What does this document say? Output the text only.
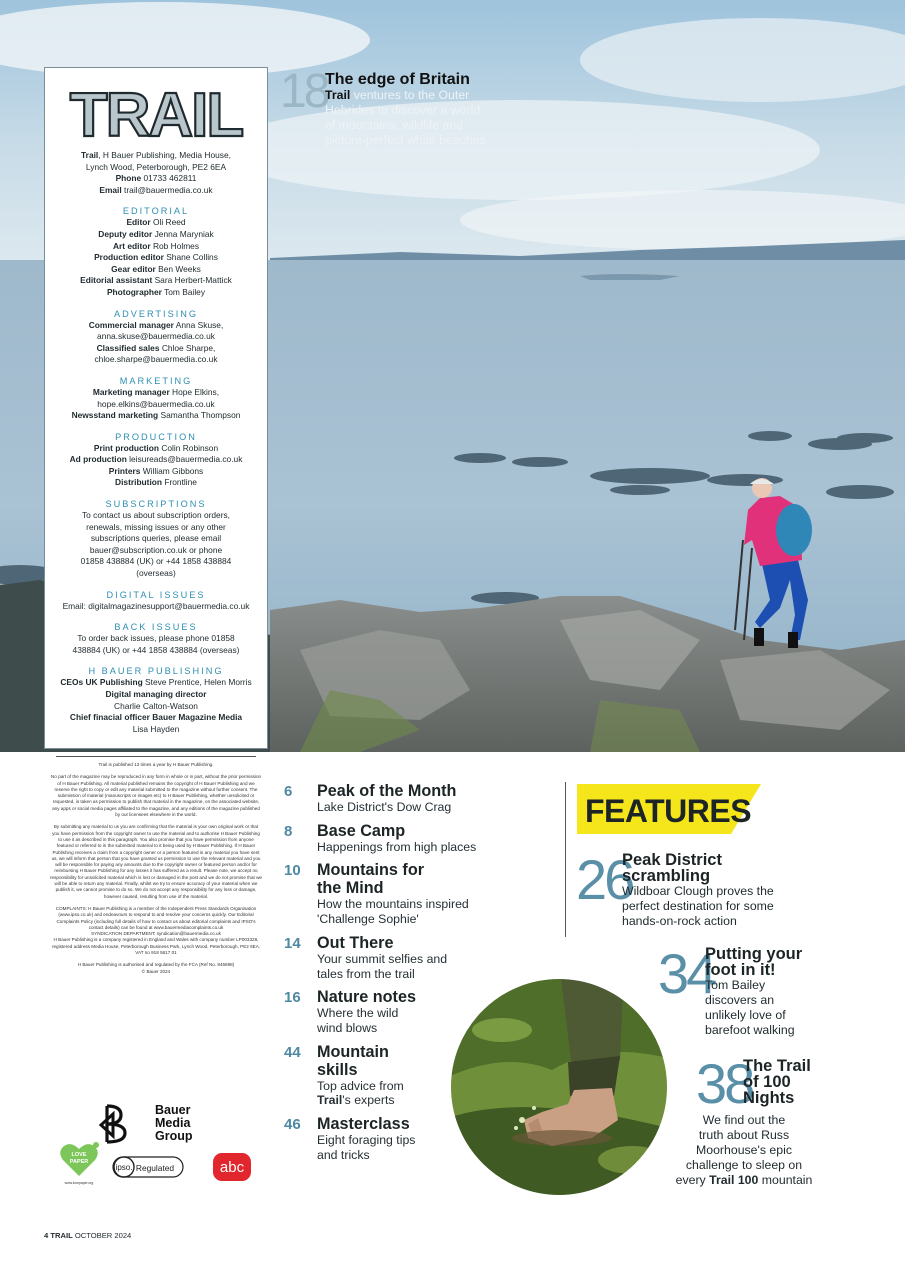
TRAIL
Trail, H Bauer Publishing, Media House,
Lynch Wood, Peterborough, PE2 6EA
Phone 01733 462811
Email trail@bauermedia.co.uk
EDITORIAL
Editor Oli Reed
Deputy editor Jenna Maryniak
Art editor Rob Holmes
Production editor Shane Collins
Gear editor Ben Weeks
Editorial assistant Sara Herbert-Mattick
Photographer Tom Bailey
ADVERTISING
Commercial manager Anna Skuse,
anna.skuse@bauermedia.co.uk
Classified sales Chloe Sharpe,
chloe.sharpe@bauermedia.co.uk
MARKETING
Marketing manager Hope Elkins,
hope.elkins@bauermedia.co.uk
Newsstand marketing Samantha Thompson
PRODUCTION
Print production Colin Robinson
Ad production leisureads@bauermedia.co.uk
Printers William Gibbons
Distribution Frontline
SUBSCRIPTIONS
To contact us about subscription orders,
renewals, missing issues or any other
subscriptions queries, please email
bauer@subscription.co.uk or phone
01858 438884 (UK) or +44 1858 438884
(overseas)
DIGITAL ISSUES
Email: digitalmagazinesupport@bauermedia.co.uk
BACK ISSUES
To order back issues, please phone 01858
438884 (UK) or +44 1858 438884 (overseas)
H BAUER PUBLISHING
CEOs UK Publishing Steve Prentice, Helen Morris
Digital managing director
Charlie Calton-Watson
Chief finacial officer Bauer Magazine Media
Lisa Hayden
Trail is published 13 times a year by H Bauer Publishing.
No part of the magazine may be reproduced in any form in whole or in part, without the prior permission of H Bauer Publishing. All material published remains the copyright of H Bauer Publishing and we reserve the right to copy or edit any material submitted to the magazine without further consent. The submission of material (manuscripts or images etc) to H Bauer Publishing, whether unsolicited or requested, is taken as permission to publish that material in the magazine, on the associated website, any apps or social media pages affiliated to the magazine, and any editions of the magazine published by our licensees elsewhere in the world.
By submitting any material to us you are confirming that the material is your own original work or that you have permission from the copyright owner to use the material and to authorise H Bauer Publishing to use it as described in this paragraph. You also promise that you have permission from anyone featured or referred to in the submitted material to it being used by H Bauer Publishing. If H Bauer Publishing receives a claim from a copyright owner or a person featured in any material you have sent us, we will inform that person that you have granted us permission to use the relevant material and you will be responsible for paying any amounts due to the copyright owner or featured person and/or for reimbursing H Bauer Publishing for any losses it has suffered as a result. Please note, we accept no responsibility for unsolicited material which is lost or damaged in the post and we do not promise that we will be able to return any material. Finally, whilst we try to ensure accuracy of your material when we publish it, we cannot promise to do so. We do not accept any responsibility for any loss or damage, however caused, resulting from use of the material.
COMPLAINTS: H Bauer Publishing is a member of the Independent Press Standards Organisation (www.ipso.co.uk) and endeavours to respond to and resolve your concerns quickly. Our Editorial Complaints Policy (including full details of how to contact us about editorial complaints and IPSO's contact details) can be found at www.bauermediacomplaints.co.uk
SYNDICATION DEPARTMENT: syndication@bauermedia.co.uk
H Bauer Publishing is a company registered in England and Wales with company number LP003328, registered address Media House, Peterborough Business Park, Lynch Wood, Peterborough, PE2 6EA. VAT no 918 5617 01
H Bauer Publishing is authorised and regulated by the FCA (Ref No. 845898)
© Bauer 2024
Bauer
Media
Group
LOVE
PAPER
www.lovepaper.org
ipso. Regulated	abc
18
The edge of Britain
Trail ventures to the Outer
Hebrides to discover a world
of mountains, wildlife and
picture-perfect white beaches
6 Peak of the Month
Lake District's Dow Crag
8 Base Camp
Happenings from high places
10 Mountains for
the Mind
How the mountains inspired
'Challenge Sophie'
14 Out There
Your summit selfies and
tales from the trail
16 Nature notes
Where the wild
wind blows
44 Mountain
skills
Top advice from
Trail's experts
46 Masterclass
Eight foraging tips
and tricks
FEATURES
26
Peak District
scrambling
Wildboar Clough proves the
perfect destination for some
hands-on-rock action
34
Putting your
foot in it!
Tom Bailey
discovers an
unlikely love of
barefoot walking
38
The Trail
of 100
Nights
We find out the
truth about Russ
Moorhouse's epic
challenge to sleep on
every Trail 100 mountain
4 TRAIL OCTOBER 2024
